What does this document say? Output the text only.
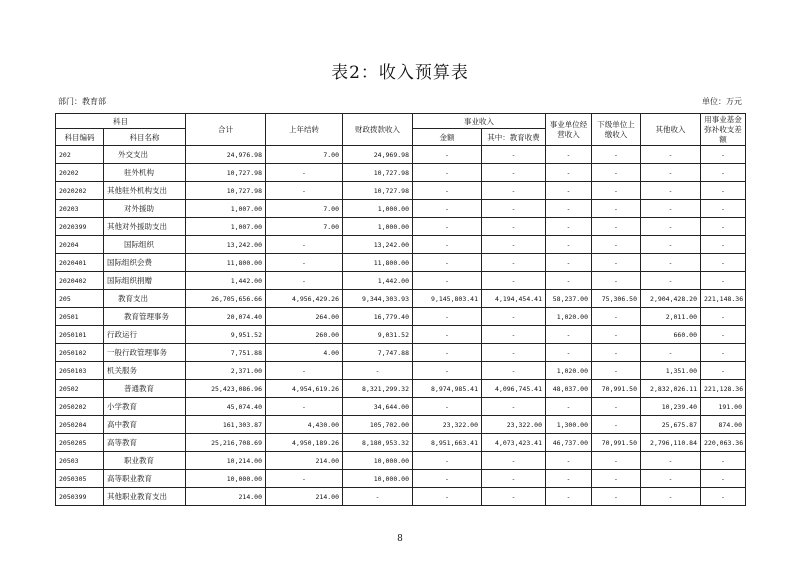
表2：收入预算表
部门：教育部	单位：万元
科目		合计	上年结转	财政拨款收入	事业收入		事业单位经营收入	下级单位上缴收入	其他收入	用事业基金弥补收支差额
科目编码	科目名称				金额	其中：教育收费				
202	外交支出	24,976.98	7.00	24,969.98	-	-	-	-	-	-
20202	驻外机构	10,727.98	-	10,727.98	-	-	-	-	-	-
2020202	其他驻外机构支出	10,727.98	-	10,727.98	-	-	-	-	-	-
20203	对外援助	1,007.00	7.00	1,000.00	-	-	-	-	-	-
2020399	其他对外援助支出	1,007.00	7.00	1,000.00	-	-	-	-	-	-
20204	国际组织	13,242.00	-	13,242.00	-	-	-	-	-	-
2020401	国际组织会费	11,800.00	-	11,800.00	-	-	-	-	-	-
2020402	国际组织捐赠	1,442.00	-	1,442.00	-	-	-	-	-	-
205	教育支出	26,705,656.66	4,956,429.26	9,344,303.93	9,145,803.41	4,194,454.41	58,237.00	75,306.50	2,904,428.20	221,148.36
20501	教育管理事务	20,074.40	264.00	16,779.40	-	-	1,020.00	-	2,011.00	-
2050101	行政运行	9,951.52	260.00	9,031.52	-	-	-	-	660.00	-
2050102	一般行政管理事务	7,751.88	4.00	7,747.88	-	-	-	-	-	-
2050103	机关服务	2,371.00	-	-	-	-	1,020.00	-	1,351.00	-
20502	普通教育	25,423,086.96	4,954,619.26	8,321,299.32	8,974,985.41	4,096,745.41	48,037.00	70,991.50	2,832,026.11	221,128.36
2050202	小学教育	45,074.40	-	34,644.00	-	-	-	-	10,239.40	191.00
2050204	高中教育	161,303.87	4,430.00	105,702.00	23,322.00	23,322.00	1,300.00	-	25,675.87	874.00
2050205	高等教育	25,216,708.69	4,950,189.26	8,180,953.32	8,951,663.41	4,073,423.41	46,737.00	70,991.50	2,796,110.84	220,063.36
20503	职业教育	10,214.00	214.00	10,000.00	-	-	-	-	-	-
2050305	高等职业教育	10,000.00	-	10,000.00	-	-	-	-	-	-
2050399	其他职业教育支出	214.00	214.00	-	-	-	-	-	-	-
8
